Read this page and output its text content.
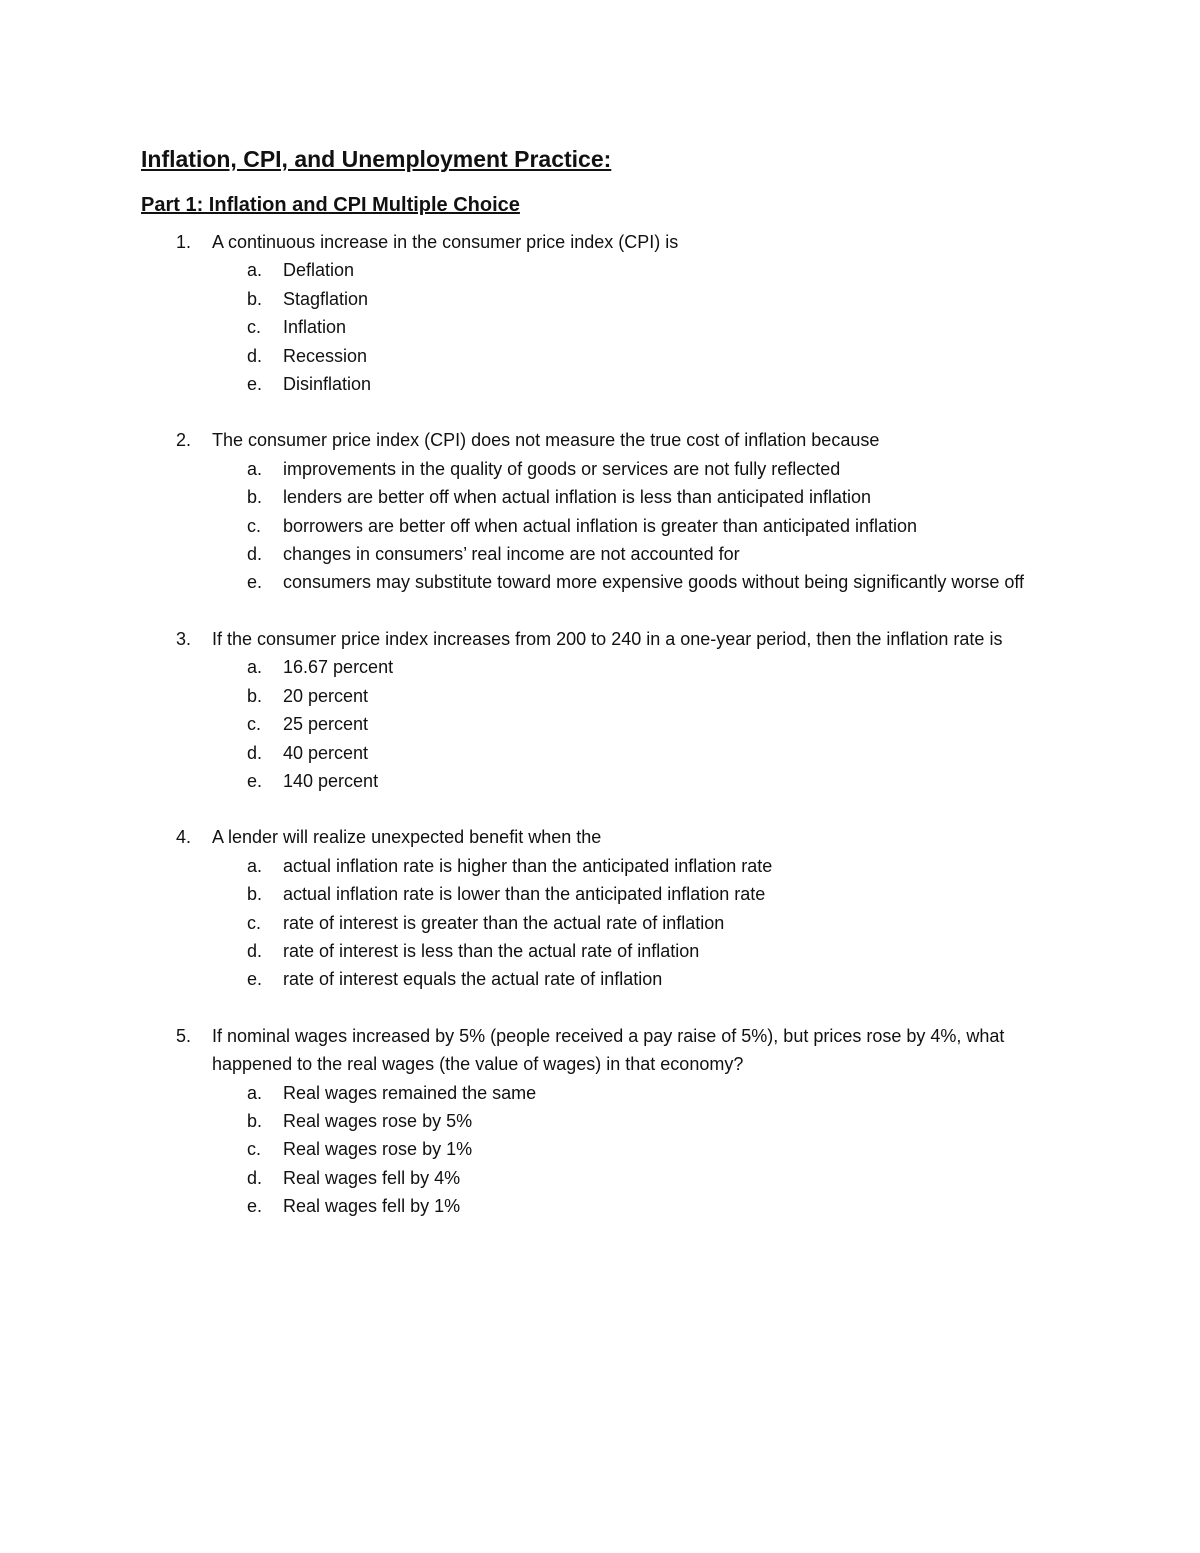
Inflation, CPI, and Unemployment Practice:
Part 1: Inflation and CPI Multiple Choice
1. A continuous increase in the consumer price index (CPI) is
a. Deflation
b. Stagflation
c. Inflation
d. Recession
e. Disinflation
2. The consumer price index (CPI) does not measure the true cost of inflation because
a. improvements in the quality of goods or services are not fully reflected
b. lenders are better off when actual inflation is less than anticipated inflation
c. borrowers are better off when actual inflation is greater than anticipated inflation
d. changes in consumers’ real income are not accounted for
e. consumers may substitute toward more expensive goods without being significantly worse off
3. If the consumer price index increases from 200 to 240 in a one-year period, then the inflation rate is
a. 16.67 percent
b. 20 percent
c. 25 percent
d. 40 percent
e. 140 percent
4. A lender will realize unexpected benefit when the
a. actual inflation rate is higher than the anticipated inflation rate
b. actual inflation rate is lower than the anticipated inflation rate
c. rate of interest is greater than the actual rate of inflation
d. rate of interest is less than the actual rate of inflation
e. rate of interest equals the actual rate of inflation
5. If nominal wages increased by 5% (people received a pay raise of 5%), but prices rose by 4%, what happened to the real wages (the value of wages) in that economy?
a. Real wages remained the same
b. Real wages rose by 5%
c. Real wages rose by 1%
d. Real wages fell by 4%
e. Real wages fell by 1%
